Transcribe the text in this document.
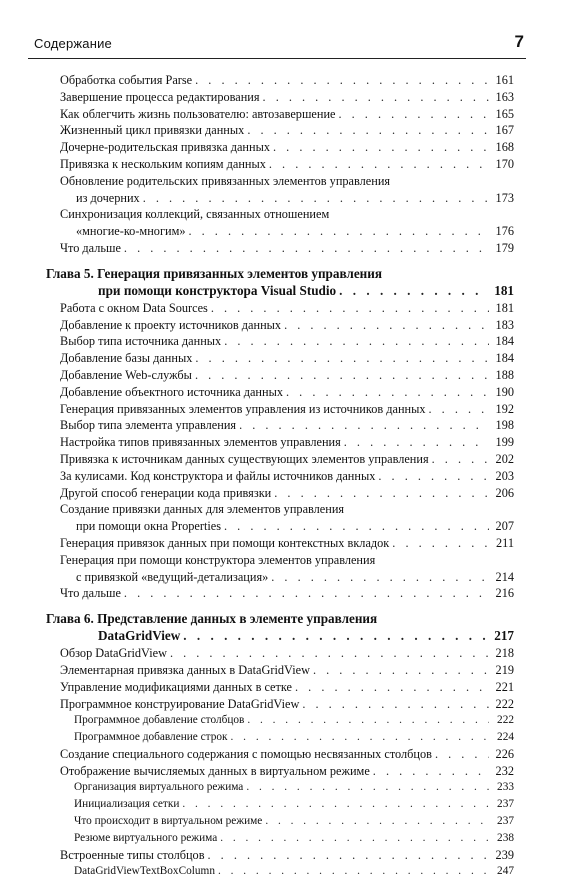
Содержание	7
Обработка события Parse . . .	161
Завершение процесса редактирования . . .	163
Как облегчить жизнь пользователю: автозавершение . . .	165
Жизненный цикл привязки данных . . .	167
Дочерне-родительская привязка данных . . .	168
Привязка к нескольким копиям данных . . .	170
Обновление родительских привязанных элементов управления
из дочерних . . .	173
Синхронизация коллекций, связанных отношением
«многие-ко-многим» . . .	176
Что дальше . . .	179
Глава 5. Генерация привязанных элементов управления
при помощи конструктора Visual Studio . . .	181
Работа с окном Data Sources . . .	181
Добавление к проекту источников данных . . .	183
Выбор типа источника данных . . .	184
Добавление базы данных . . .	184
Добавление Web-службы . . .	188
Добавление объектного источника данных . . .	190
Генерация привязанных элементов управления из источников данных . . .	192
Выбор типа элемента управления . . .	198
Настройка типов привязанных элементов управления . . .	199
Привязка к источникам данных существующих элементов управления . . .	202
За кулисами. Код конструктора и файлы источников данных . . .	203
Другой способ генерации кода привязки . . .	206
Создание привязки данных для элементов управления
при помощи окна Properties . . .	207
Генерация привязок данных при помощи контекстных вкладок . . .	211
Генерация при помощи конструктора элементов управления
с привязкой «ведущий-детализация» . . .	214
Что дальше . . .	216
Глава 6. Представление данных в элементе управления
DataGridView . . .	217
Обзор DataGridView . . .	218
Элементарная привязка данных в DataGridView . . .	219
Управление модификациями данных в сетке . . .	221
Программное конструирование DataGridView . . .	222
Программное добавление столбцов . . .	222
Программное добавление строк . . .	224
Создание специального содержания с помощью несвязанных столбцов . . .	226
Отображение вычисляемых данных в виртуальном режиме . . .	232
Организация виртуального режима . . .	233
Инициализация сетки . . .	237
Что происходит в виртуальном режиме . . .	237
Резюме виртуального режима . . .	238
Встроенные типы столбцов . . .	239
DataGridViewTextBoxColumn . . .	247
